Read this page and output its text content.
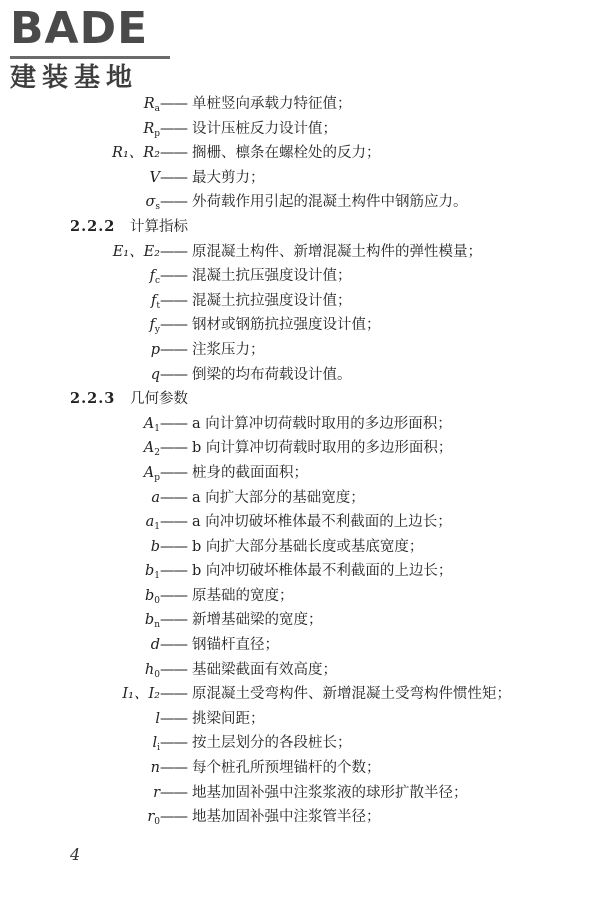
BADE
建装基地
$R_a$ —— 单桩竖向承载力特征值；
$R_p$ —— 设计压桩反力设计值；
R₁、R₂ —— 搁栅、檩条在螺栓处的反力；
V —— 最大剪力；
$\sigma_s$ —— 外荷载作用引起的混凝土构件中钢筋应力。
2.2.2 计算指标
E₁、E₂ —— 原混凝土构件、新增混凝土构件的弹性模量；
$f_c$ —— 混凝土抗压强度设计值；
$f_t$ —— 混凝土抗拉强度设计值；
$f_y$ —— 钢材或钢筋抗拉强度设计值；
p —— 注浆压力；
q —— 倒梁的均布荷载设计值。
2.2.3 几何参数
$A_1$ —— a 向计算冲切荷载时取用的多边形面积；
$A_2$ —— b 向计算冲切荷载时取用的多边形面积；
$A_p$ —— 桩身的截面面积；
a —— a 向扩大部分的基础宽度；
$a_1$ —— a 向冲切破坏椎体最不利截面的上边长；
b —— b 向扩大部分基础长度或基底宽度；
$b_1$ —— b 向冲切破坏椎体最不利截面的上边长；
$b_0$ —— 原基础的宽度；
$b_n$ —— 新增基础梁的宽度；
d —— 钢锚杆直径；
$h_0$ —— 基础梁截面有效高度；
I₁、I₂ —— 原混凝土受弯构件、新增混凝土受弯构件惯性矩；
l —— 挑梁间距；
$l_i$ —— 按土层划分的各段桩长；
n —— 每个桩孔所预埋锚杆的个数；
r —— 地基加固补强中注浆浆液的球形扩散半径；
$r_0$ —— 地基加固补强中注浆管半径；
4
